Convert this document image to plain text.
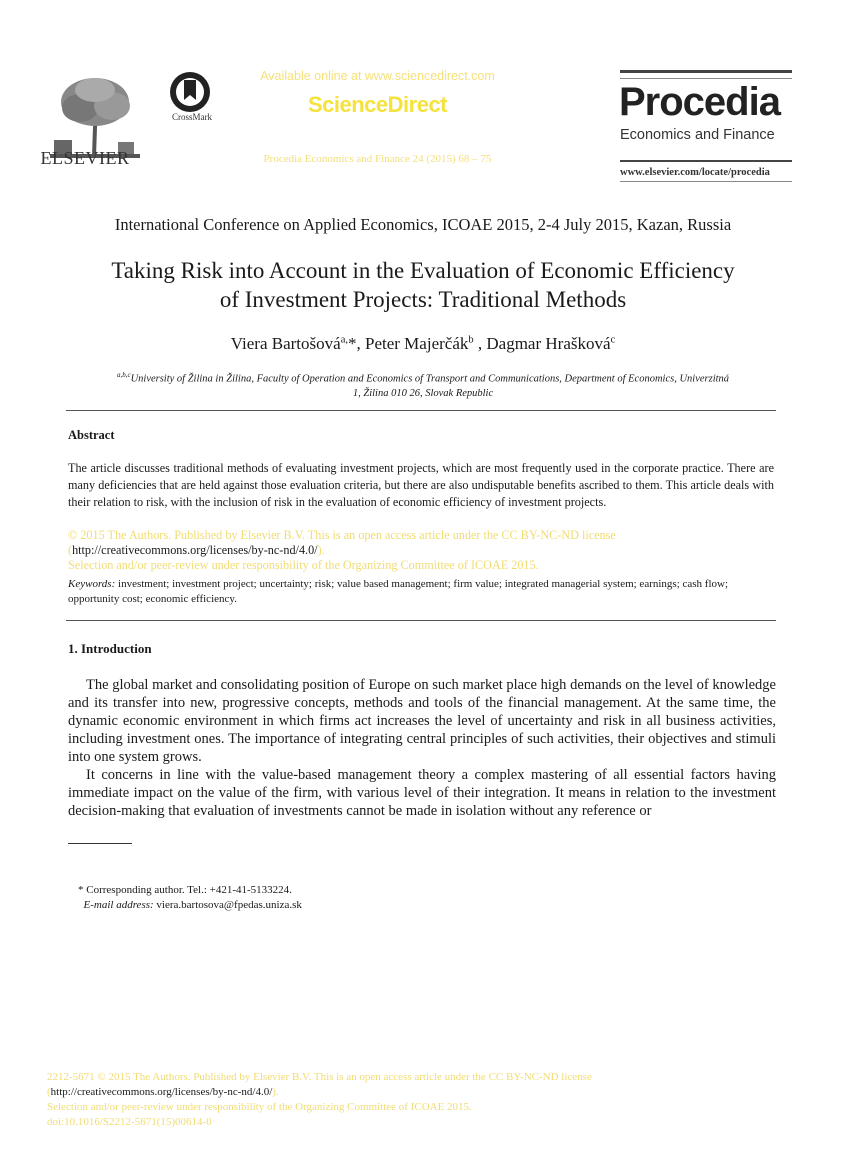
ELSEVIER
CrossMark
Available online at www.sciencedirect.com
ScienceDirect
Procedia Economics and Finance 24 (2015) 68 – 75
Procedia
Economics and Finance
www.elsevier.com/locate/procedia
International Conference on Applied Economics, ICOAE 2015, 2-4 July 2015, Kazan, Russia
Taking Risk into Account in the Evaluation of Economic Efficiency
of Investment Projects: Traditional Methods
Viera Bartošová$^{a,}$*, Peter Majerčák$^b$ , Dagmar Hrašková$^c$
$^{a,b,c}$University of Žilina in Žilina, Faculty of Operation and Economics of Transport and Communications, Department of Economics, Univerzitná
1, Žilina 010 26, Slovak Republic
Abstract
The article discusses traditional methods of evaluating investment projects, which are most frequently used in the corporate practice. There are many deficiencies that are held against those evaluation criteria, but there are also undisputable benefits ascribed to them. This article deals with their relation to risk, with the inclusion of risk in the evaluation of economic efficiency of investment projects.
© 2015 The Authors. Published by Elsevier B.V. This is an open access article under the CC BY-NC-ND license
(http://creativecommons.org/licenses/by-nc-nd/4.0/).
Selection and/or peer-review under responsibility of the Organizing Committee of ICOAE 2015.
Keywords: investment; investment project; uncertainty; risk; value based management; firm value; integrated managerial system; earnings; cash flow; opportunity cost; economic efficiency.
1. Introduction

The global market and consolidating position of Europe on such market place high demands on the level of knowledge and its transfer into new, progressive concepts, methods and tools of the financial management. At the same time, the dynamic economic environment in which firms act increases the level of uncertainty and risk in all business activities, including investment ones. The importance of integrating central principles of such activities, their objectives and stimuli into one system grows.

It concerns in line with the value-based management theory a complex mastering of all essential factors having immediate impact on the value of the firm, with various level of their integration. It means in relation to the investment decision-making that evaluation of investments cannot be made in isolation without any reference or

* Corresponding author. Tel.: +421-41-5133224.
E-mail address: viera.bartosova@fpedas.uniza.sk
2212-5671 © 2015 The Authors. Published by Elsevier B.V. This is an open access article under the CC BY-NC-ND license
(http://creativecommons.org/licenses/by-nc-nd/4.0/).
Selection and/or peer-review under responsibility of the Organizing Committee of ICOAE 2015.
doi:10.1016/S2212-5671(15)00614-0
